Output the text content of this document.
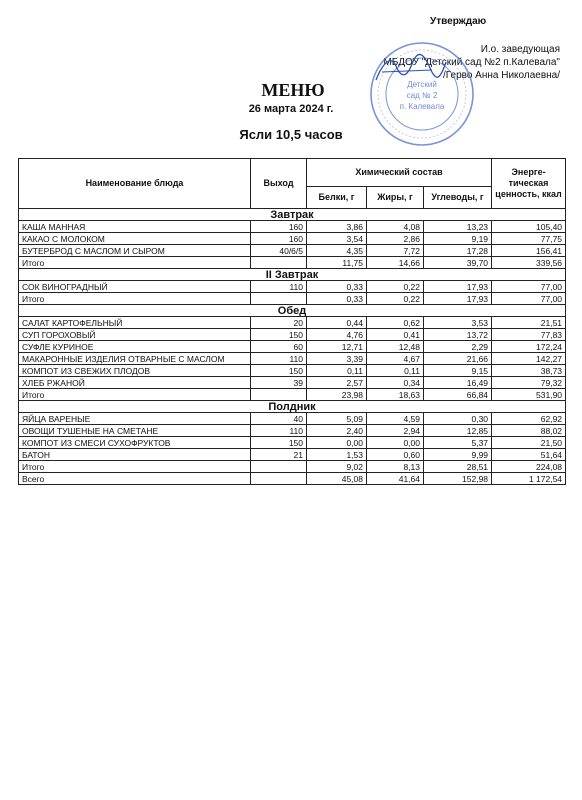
Утверждаю
И.о. заведующая
МБДОУ "Детский сад №2 п.Калевала"
/Герво Анна Николаевна/
Детский
сад № 2
п. Калевала
МЕНЮ
26 марта 2024 г.
Ясли 10,5 часов
Наименование блюда	Выход	Химический состав			Энерге-тическая ценность, ккал
		Белки, г	Жиры, г	Углеводы, г	
Завтрак					
КАША МАННАЯ	160	3,86	4,08	13,23	105,40
КАКАО С МОЛОКОМ	160	3,54	2,86	9,19	77,75
БУТЕРБРОД С МАСЛОМ И СЫРОМ	40/6/5	4,35	7,72	17,28	156,41
Итого		11,75	14,66	39,70	339,56
II Завтрак					
СОК ВИНОГРАДНЫЙ	110	0,33	0,22	17,93	77,00
Итого		0,33	0,22	17,93	77,00
Обед					
САЛАТ КАРТОФЕЛЬНЫЙ	20	0,44	0,62	3,53	21,51
СУП ГОРОХОВЫЙ	150	4,76	0,41	13,72	77,83
СУФЛЕ КУРИНОЕ	60	12,71	12,48	2,29	172,24
МАКАРОННЫЕ ИЗДЕЛИЯ ОТВАРНЫЕ С МАСЛОМ	110	3,39	4,67	21,66	142,27
КОМПОТ ИЗ СВЕЖИХ ПЛОДОВ	150	0,11	0,11	9,15	38,73
ХЛЕБ РЖАНОЙ	39	2,57	0,34	16,49	79,32
Итого		23,98	18,63	66,84	531,90
Полдник					
ЯЙЦА ВАРЕНЫЕ	40	5,09	4,59	0,30	62,92
ОВОЩИ ТУШЕНЫЕ НА СМЕТАНЕ	110	2,40	2,94	12,85	88,02
КОМПОТ ИЗ СМЕСИ СУХОФРУКТОВ	150	0,00	0,00	5,37	21,50
БАТОН	21	1,53	0,60	9,99	51,64
Итого		9,02	8,13	28,51	224,08
Всего		45,08	41,64	152,98	1 172,54
